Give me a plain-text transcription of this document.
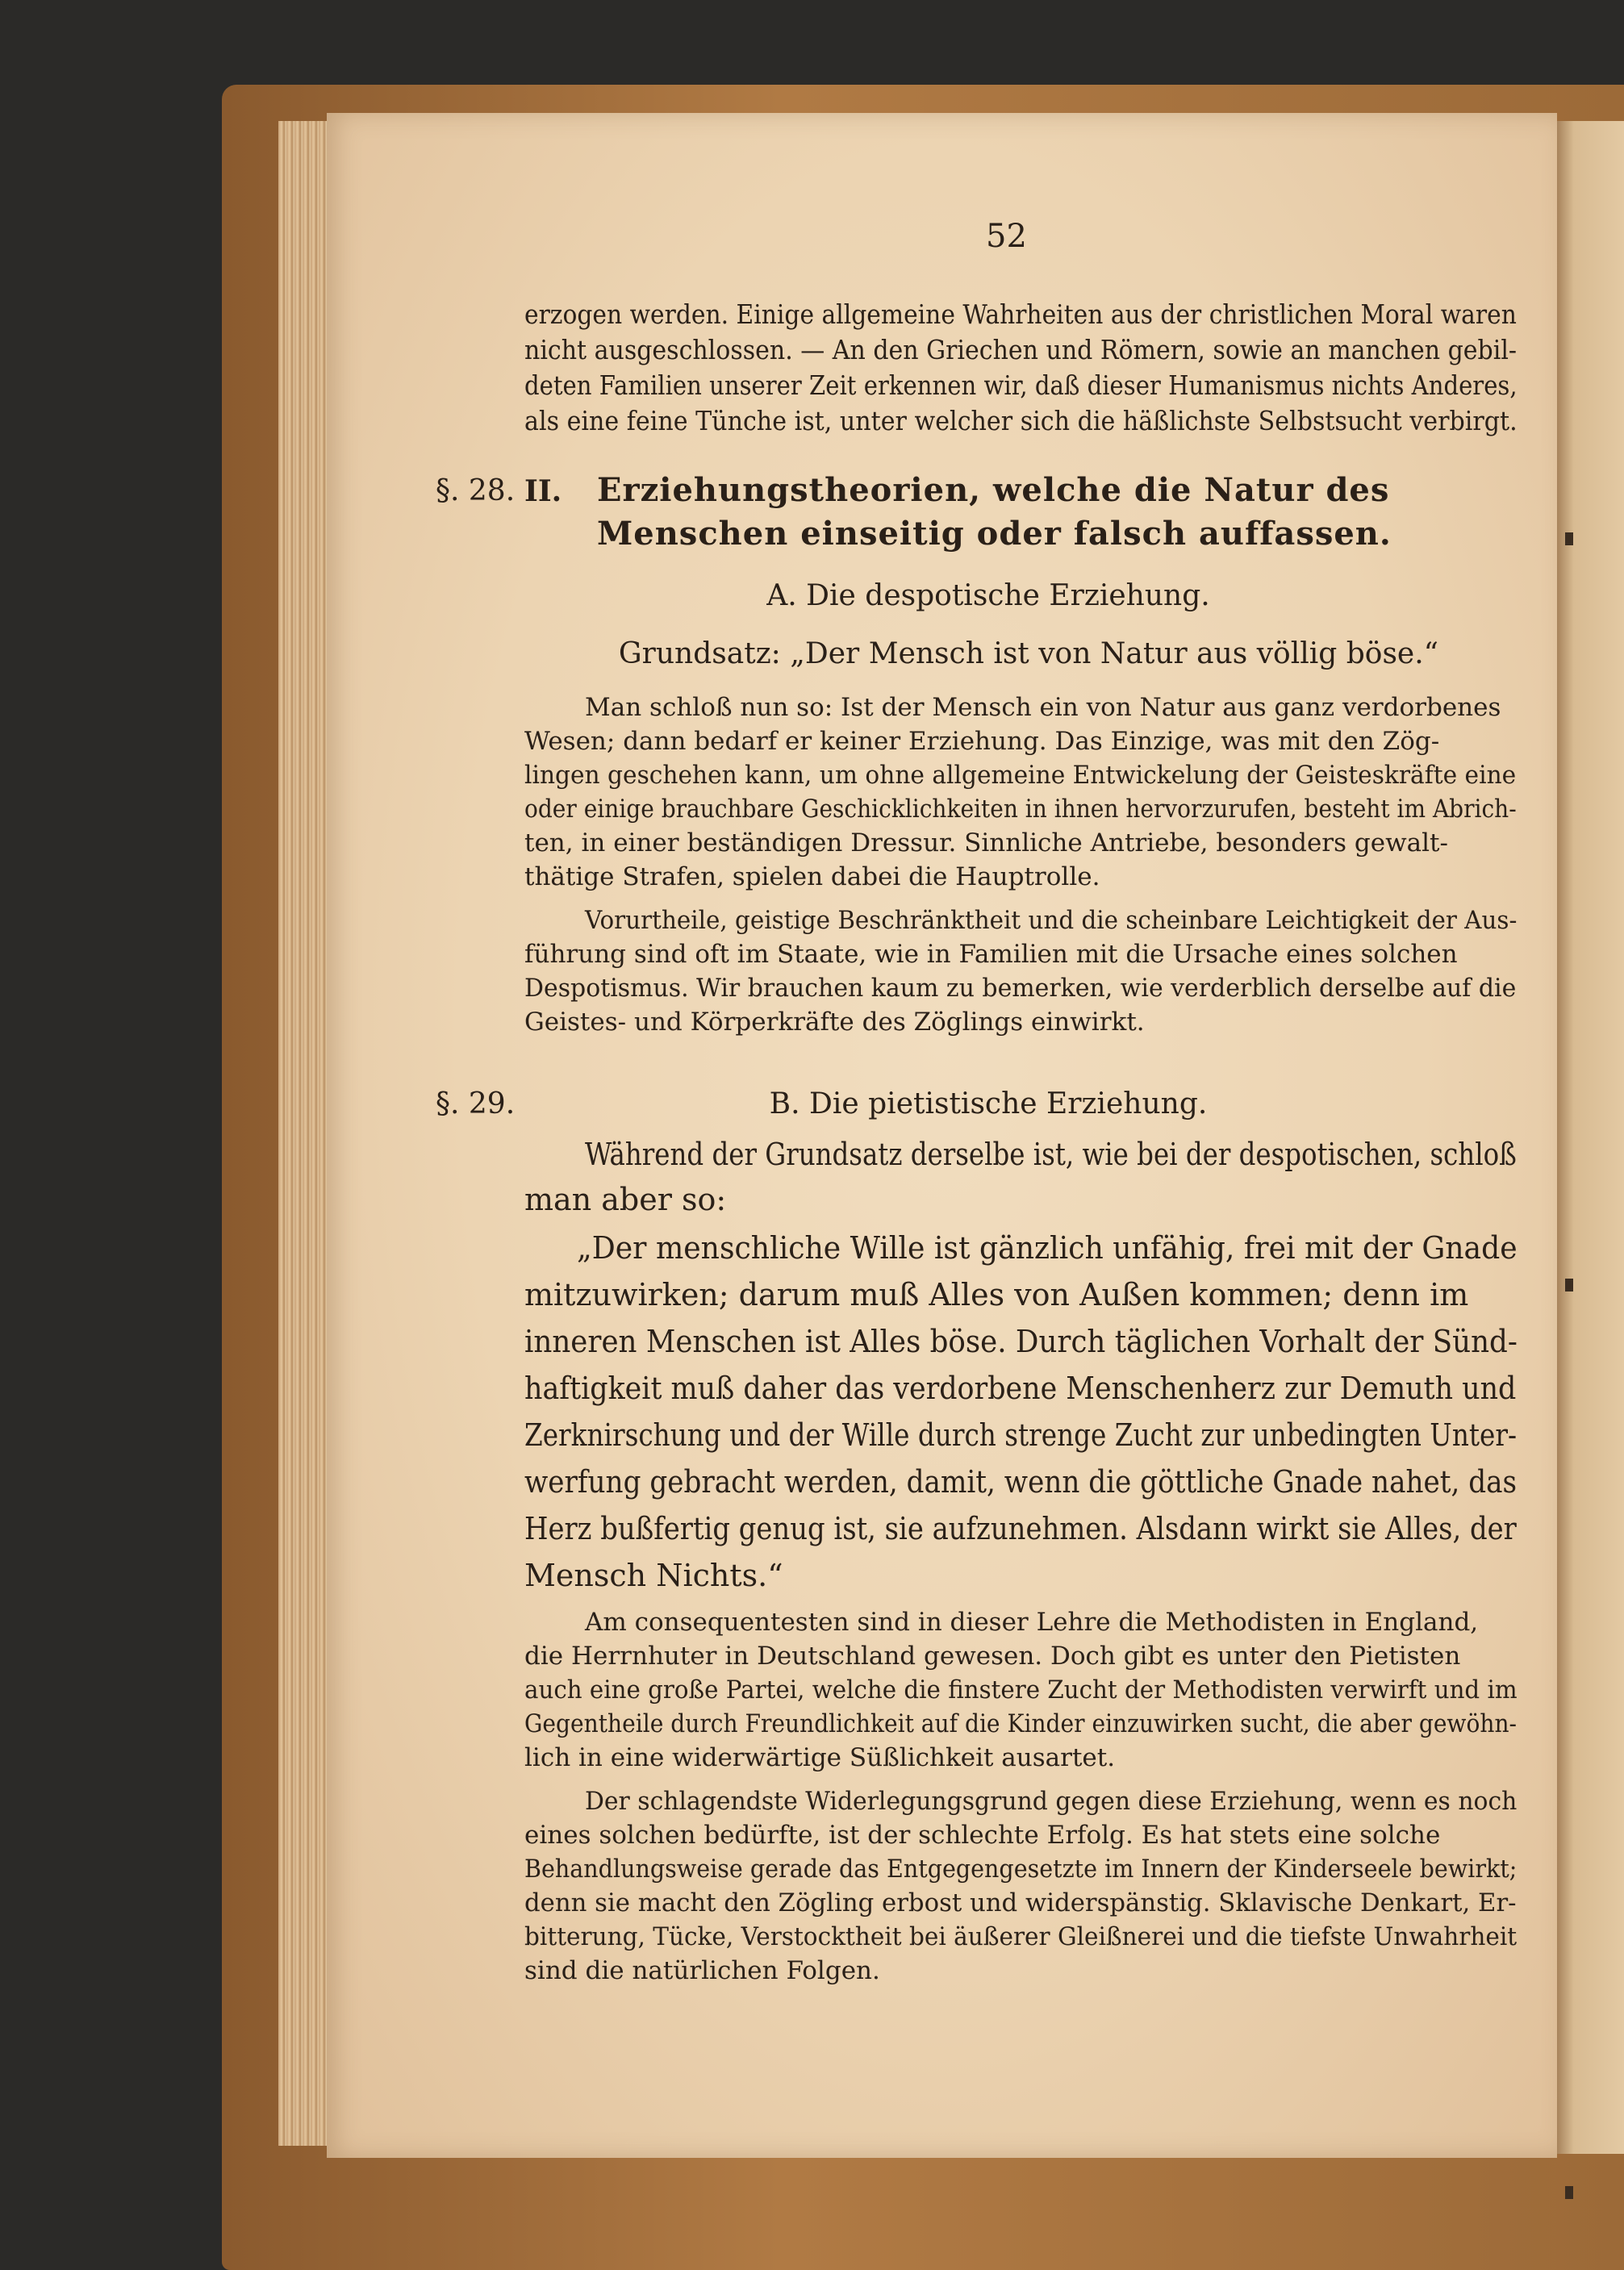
52
erzogen werden. Einige allgemeine Wahrheiten aus der christlichen Moral waren
nicht ausgeschlossen. — An den Griechen und Römern, sowie an manchen gebil-
deten Familien unserer Zeit erkennen wir, daß dieser Humanismus nichts Anderes,
als eine feine Tünche ist, unter welcher sich die häßlichste Selbstsucht verbirgt.
§. 28. II. Erziehungstheorien, welche die Natur des
Menschen einseitig oder falsch auffassen.
A. Die despotische Erziehung.
Grundsatz: „Der Mensch ist von Natur aus völlig böse.“
Man schloß nun so: Ist der Mensch ein von Natur aus ganz verdorbenes
Wesen; dann bedarf er keiner Erziehung. Das Einzige, was mit den Zög-
lingen geschehen kann, um ohne allgemeine Entwickelung der Geisteskräfte eine
oder einige brauchbare Geschicklichkeiten in ihnen hervorzurufen, besteht im Abrich-
ten, in einer beständigen Dressur. Sinnliche Antriebe, besonders gewalt-
thätige Strafen, spielen dabei die Hauptrolle.
Vorurtheile, geistige Beschränktheit und die scheinbare Leichtigkeit der Aus-
führung sind oft im Staate, wie in Familien mit die Ursache eines solchen
Despotismus. Wir brauchen kaum zu bemerken, wie verderblich derselbe auf die
Geistes- und Körperkräfte des Zöglings einwirkt.
§. 29.	B. Die pietistische Erziehung.
Während der Grundsatz derselbe ist, wie bei der despotischen, schloß
man aber so:
„Der menschliche Wille ist gänzlich unfähig, frei mit der Gnade
mitzuwirken; darum muß Alles von Außen kommen; denn im
inneren Menschen ist Alles böse. Durch täglichen Vorhalt der Sünd-
haftigkeit muß daher das verdorbene Menschenherz zur Demuth und
Zerknirschung und der Wille durch strenge Zucht zur unbedingten Unter-
werfung gebracht werden, damit, wenn die göttliche Gnade nahet, das
Herz bußfertig genug ist, sie aufzunehmen. Alsdann wirkt sie Alles, der
Mensch Nichts.“
Am consequentesten sind in dieser Lehre die Methodisten in England,
die Herrnhuter in Deutschland gewesen. Doch gibt es unter den Pietisten
auch eine große Partei, welche die finstere Zucht der Methodisten verwirft und im
Gegentheile durch Freundlichkeit auf die Kinder einzuwirken sucht, die aber gewöhn-
lich in eine widerwärtige Süßlichkeit ausartet.
Der schlagendste Widerlegungsgrund gegen diese Erziehung, wenn es noch
eines solchen bedürfte, ist der schlechte Erfolg. Es hat stets eine solche
Behandlungsweise gerade das Entgegengesetzte im Innern der Kinderseele bewirkt;
denn sie macht den Zögling erbost und widerspänstig. Sklavische Denkart, Er-
bitterung, Tücke, Verstocktheit bei äußerer Gleißnerei und die tiefste Unwahrheit
sind die natürlichen Folgen.
